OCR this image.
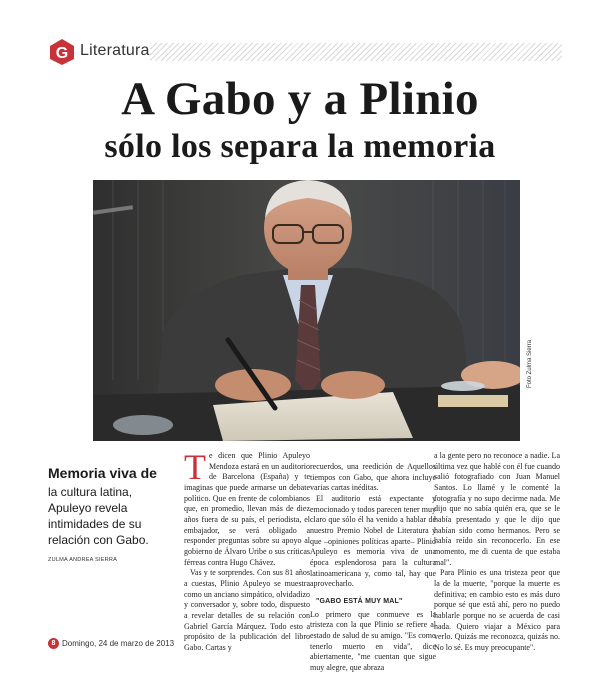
G Literatura
A Gabo y a Plinio
sólo los separa la memoria
Foto Zulma Sierra
Memoria viva de
la cultura latina, Apuleyo revela intimidades de su relación con Gabo.
ZULMA ANDREA SIERRA

Te dicen que Plinio Apuleyo Mendoza estará en un auditorio de Barcelona (España) y te imaginas que puede armarse un debate político. Que en frente de colombianos que, en promedio, llevan más de diez años fuera de su país, el periodista, el embajador, se verá obligado a responder preguntas sobre su apoyo al gobierno de Álvaro Uribe o sus críticas férreas contra Hugo Chávez.

Vas y te sorprendes. Con sus 81 años a cuestas, Plinio Apuleyo se muestra como un anciano simpático, olvidadizo y conversador y, sobre todo, dispuesto a revelar detalles de su relación con Gabriel García Márquez. Todo esto a propósito de la publicación del libro Gabo. Cartas y

recuerdos, una reedición de Aquellos tiempos con Gabo, que ahora incluye varias cartas inéditas.

El auditorio está expectante y emocionado y todos parecen tener muy claro que sólo él ha venido a hablar de nuestro Premio Nobel de Literatura y que –opiniones políticas aparte– Plinio Apuleyo es memoria viva de una época esplendorosa para la cultura latinoamericana y, como tal, hay que aprovecharlo.

"GABO ESTÁ MUY MAL"

Lo primero que conmueve es la tristeza con la que Plinio se refiere al estado de salud de su amigo. "Es como tenerlo muerto en vida", dice abiertamente, "me cuentan que sigue muy alegre, que abraza

a la gente pero no reconoce a nadie. La última vez que hablé con él fue cuando salió fotografiado con Juan Manuel Santos. Lo llamé y le comenté la fotografía y no supo decirme nada. Me dijo que no sabía quién era, que se le había presentado y que le dijo que habían sido como hermanos. Pero se había reído sin reconocerlo. En ese momento, me di cuenta de que estaba mal".

Para Plinio es una tristeza peor que la de la muerte, "porque la muerte es definitiva; en cambio esto es más duro porque sé que está ahí, pero no puedo hablarle porque no se acuerda de casi nada. Quiero viajar a México para verlo. Quizás me reconozca, quizás no. No lo sé. Es muy preocupante".

8 Domingo, 24 de marzo de 2013
